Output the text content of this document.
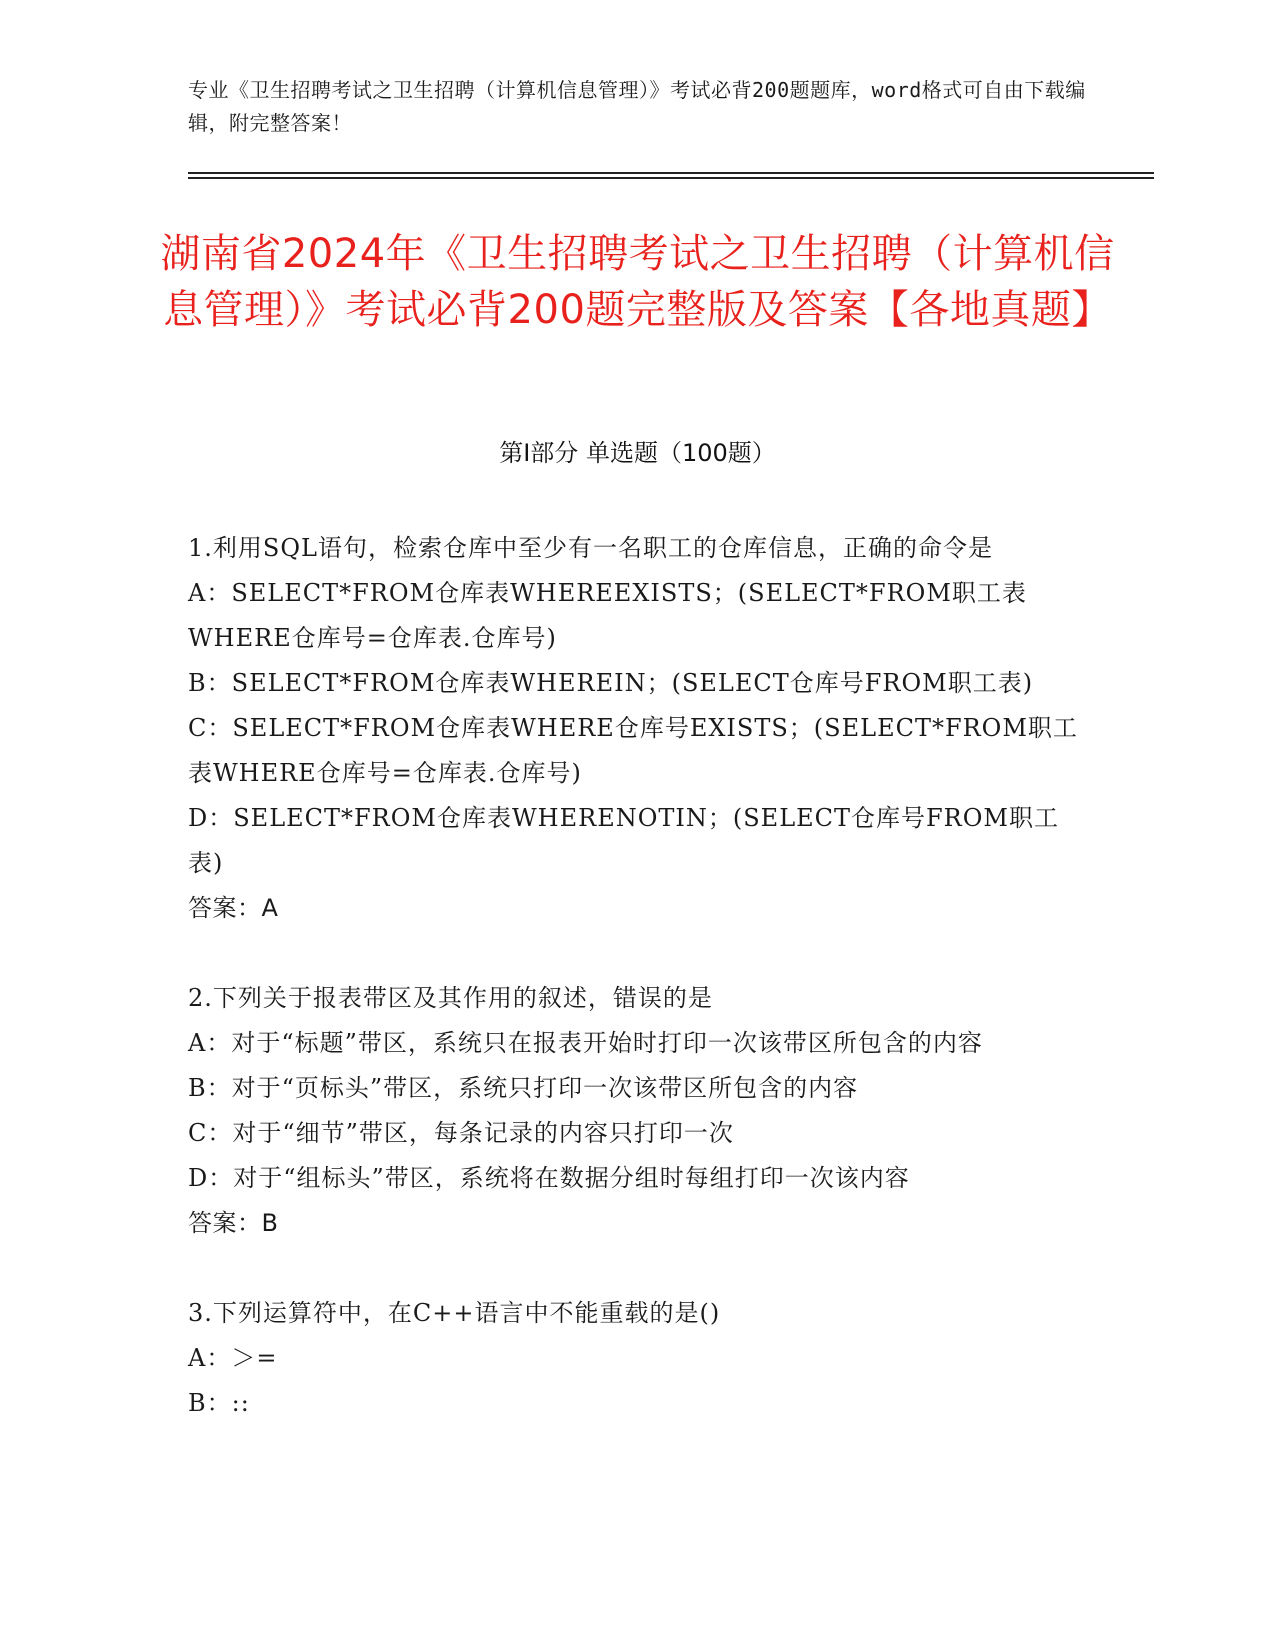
专业《卫生招聘考试之卫生招聘（计算机信息管理）》考试必背200题题库，word格式可自由下载编辑，附完整答案！
湖南省2024年《卫生招聘考试之卫生招聘（计算机信息管理）》考试必背200题完整版及答案【各地真题】
第Ⅰ部分 单选题（100题）

1.利用SQL语句，检索仓库中至少有一名职工的仓库信息，正确的命令是

A：SELECT*FROM仓库表WHEREEXISTS；(SELECT*FROM职工表WHERE仓库号=仓库表.仓库号)

B：SELECT*FROM仓库表WHEREIN；(SELECT仓库号FROM职工表)

C：SELECT*FROM仓库表WHERE仓库号EXISTS；(SELECT*FROM职工表WHERE仓库号=仓库表.仓库号)

D：SELECT*FROM仓库表WHERENOTIN；(SELECT仓库号FROM职工表)

答案：A

2.下列关于报表带区及其作用的叙述，错误的是

A：对于“标题”带区，系统只在报表开始时打印一次该带区所包含的内容

B：对于“页标头”带区，系统只打印一次该带区所包含的内容

C：对于“细节”带区，每条记录的内容只打印一次

D：对于“组标头”带区，系统将在数据分组时每组打印一次该内容

答案：B

3.下列运算符中，在C++语言中不能重载的是()

A：＞=

B：::
